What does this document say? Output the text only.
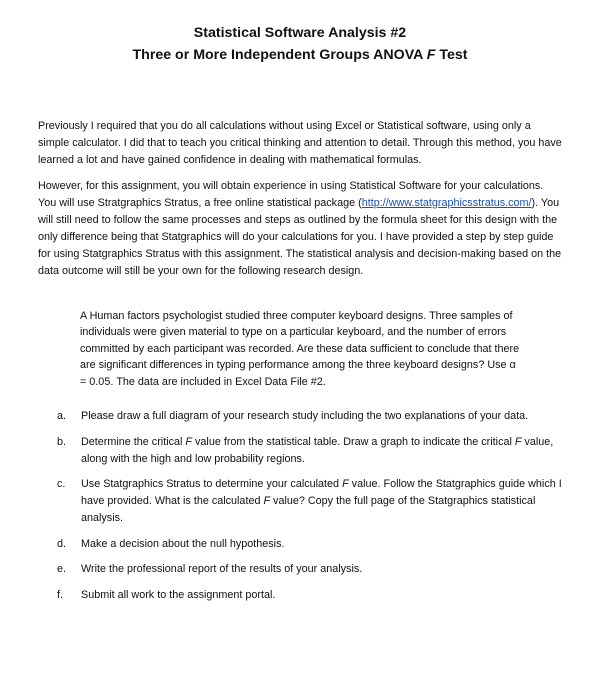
Statistical Software Analysis #2
Three or More Independent Groups ANOVA F Test

Previously I required that you do all calculations without using Excel or Statistical software, using only a simple calculator. I did that to teach you critical thinking and attention to detail. Through this method, you have learned a lot and have gained confidence in dealing with mathematical formulas.

However, for this assignment, you will obtain experience in using Statistical Software for your calculations. You will use Stratgraphics Stratus, a free online statistical package (http://www.statgraphicsstratus.com/). You will still need to follow the same processes and steps as outlined by the formula sheet for this design with the only difference being that Statgraphics will do your calculations for you. I have provided a step by step guide for using Statgraphics Stratus with this assignment. The statistical analysis and decision-making based on the data outcome will still be your own for the following research design.

A Human factors psychologist studied three computer keyboard designs. Three samples of individuals were given material to type on a particular keyboard, and the number of errors committed by each participant was recorded. Are these data sufficient to conclude that there are significant differences in typing performance among the three keyboard designs? Use α = 0.05. The data are included in Excel Data File #2.
a. Please draw a full diagram of your research study including the two explanations of your data.
b. Determine the critical F value from the statistical table. Draw a graph to indicate the critical F value, along with the high and low probability regions.
c. Use Statgraphics Stratus to determine your calculated F value. Follow the Statgraphics guide which I have provided. What is the calculated F value? Copy the full page of the Statgraphics statistical analysis.
d. Make a decision about the null hypothesis.
e. Write the professional report of the results of your analysis.
f. Submit all work to the assignment portal.
